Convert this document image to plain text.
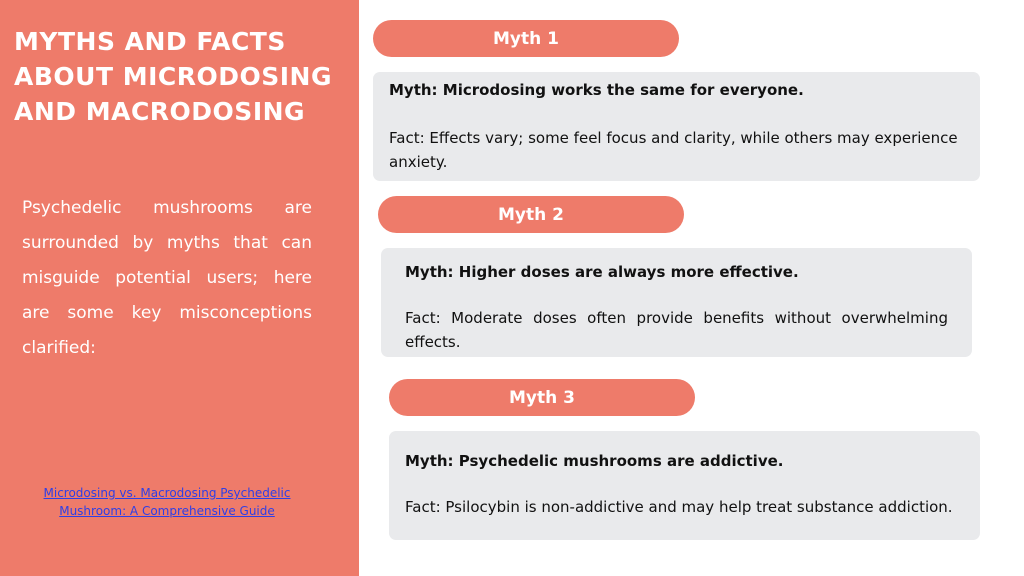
MYTHS AND FACTS ABOUT MICRODOSING AND MACRODOSING
Psychedelic mushrooms are surrounded by myths that can misguide potential users; here are some key misconceptions clarified:
Microdosing vs. Macrodosing Psychedelic Mushroom: A Comprehensive Guide
Myth 1
Myth: Microdosing works the same for everyone.
Fact: Effects vary; some feel focus and clarity, while others may experience anxiety.
Myth 2
Myth: Higher doses are always more effective.
Fact: Moderate doses often provide benefits without overwhelming effects.
Myth 3
Myth: Psychedelic mushrooms are addictive.
Fact: Psilocybin is non-addictive and may help treat substance addiction.
